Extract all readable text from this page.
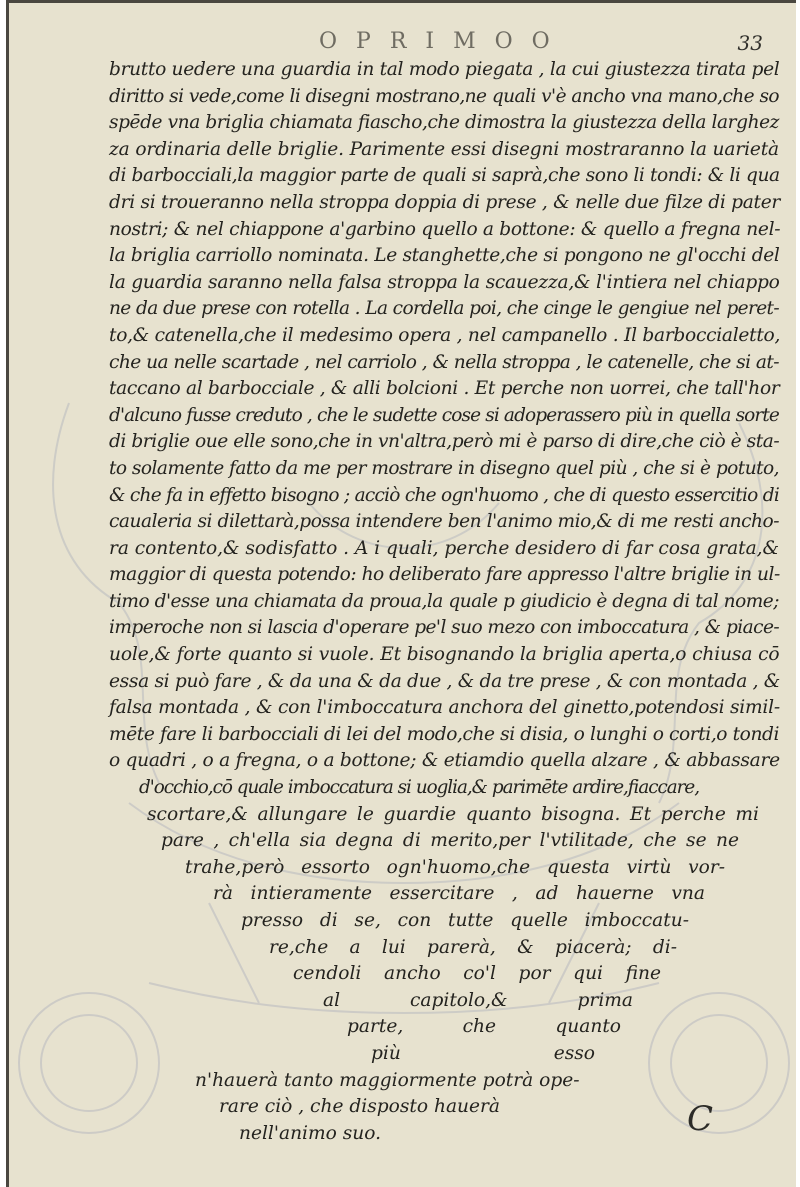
O P R I M O O	33
brutto uedere una guardia in tal modo piegata , la cui giustezza tirata pel
diritto si vede,come li disegni mostrano,ne quali v'è ancho vna mano,che so
spēde vna briglia chiamata fiascho,che dimostra la giustezza della larghez
za ordinaria delle briglie. Parimente essi disegni mostraranno la uarietà
di barbocciali,la maggior parte de quali si saprà,che sono li tondi: & li qua
dri si troueranno nella stroppa doppia di prese , & nelle due filze di pater
nostri; & nel chiappone a'garbino quello a bottone: & quello a fregna nel-
la briglia carriollo nominata. Le stanghette,che si pongono ne gl'occhi del
la guardia saranno nella falsa stroppa la scauezza,& l'intiera nel chiappo
ne da due prese con rotella . La cordella poi, che cinge le gengiue nel peret-
to,& catenella,che il medesimo opera , nel campanello . Il barboccialetto,
che ua nelle scartade , nel carriolo , & nella stroppa , le catenelle, che si at-
taccano al barbocciale , & alli bolcioni . Et perche non uorrei, che tall'hor
d'alcuno fusse creduto , che le sudette cose si adoperassero più in quella sorte
di briglie oue elle sono,che in vn'altra,però mi è parso di dire,che ciò è sta-
to solamente fatto da me per mostrare in disegno quel più , che si è potuto,
& che fa in effetto bisogno ; acciò che ogn'huomo , che di questo essercitio di
caualeria si dilettarà,possa intendere ben l'animo mio,& di me resti ancho-
ra contento,& sodisfatto . A i quali, perche desidero di far cosa grata,&
maggior di questa potendo: ho deliberato fare appresso l'altre briglie in ul-
timo d'esse una chiamata da proua,la quale p giudicio è degna di tal nome;
imperoche non si lascia d'operare pe'l suo mezo con imboccatura , & piace-
uole,& forte quanto si vuole. Et bisognando la briglia aperta,o chiusa cō
essa si può fare , & da una & da due , & da tre prese , & con montada , &
falsa montada , & con l'imboccatura anchora del ginetto,potendosi simil-
mēte fare li barbocciali di lei del modo,che si disia, o lunghi o corti,o tondi
o quadri , o a fregna, o a bottone; & etiamdio quella alzare , & abbassare
d'occhio,cō quale imboccatura si uoglia,& parimēte ardire,fiaccare,
scortare,& allungare le guardie quanto bisogna. Et perche mi
pare , ch'ella sia degna di merito,per l'vtilitade, che se ne
trahe,però essorto ogn'huomo,che questa virtù vor-
rà intieramente essercitare , ad hauerne vna
presso di se, con tutte quelle imboccatu-
re,che a lui parerà, & piacerà; di-
cendoli ancho co'l por qui fine
al capitolo,& prima
parte, che quanto
più esso
n'hauerà tanto maggiormente potrà ope-
rare ciò , che disposto hauerà
nell'animo suo.	C
